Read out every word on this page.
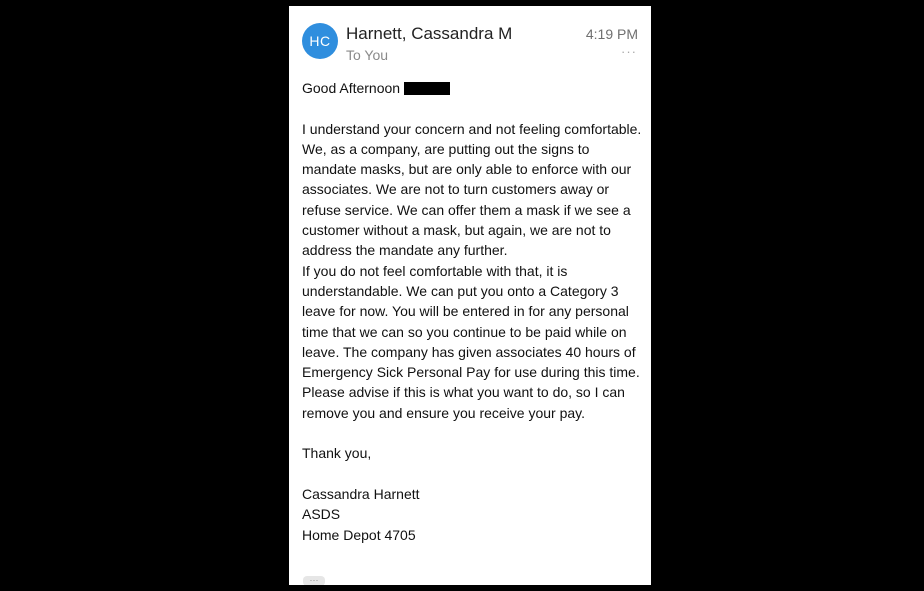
HC Harnett, Cassandra M
To You
4:19 PM
···

Good Afternoon

I understand your concern and not feeling comfortable. We, as a company, are putting out the signs to mandate masks, but are only able to enforce with our associates. We are not to turn customers away or refuse service. We can offer them a mask if we see a customer without a mask, but again, we are not to address the mandate any further.

If you do not feel comfortable with that, it is understandable. We can put you onto a Category 3 leave for now. You will be entered in for any personal time that we can so you continue to be paid while on leave. The company has given associates 40 hours of Emergency Sick Personal Pay for use during this time.

Please advise if this is what you want to do, so I can remove you and ensure you receive your pay.

Thank you,

Cassandra Harnett

ASDS

Home Depot 4705

···
